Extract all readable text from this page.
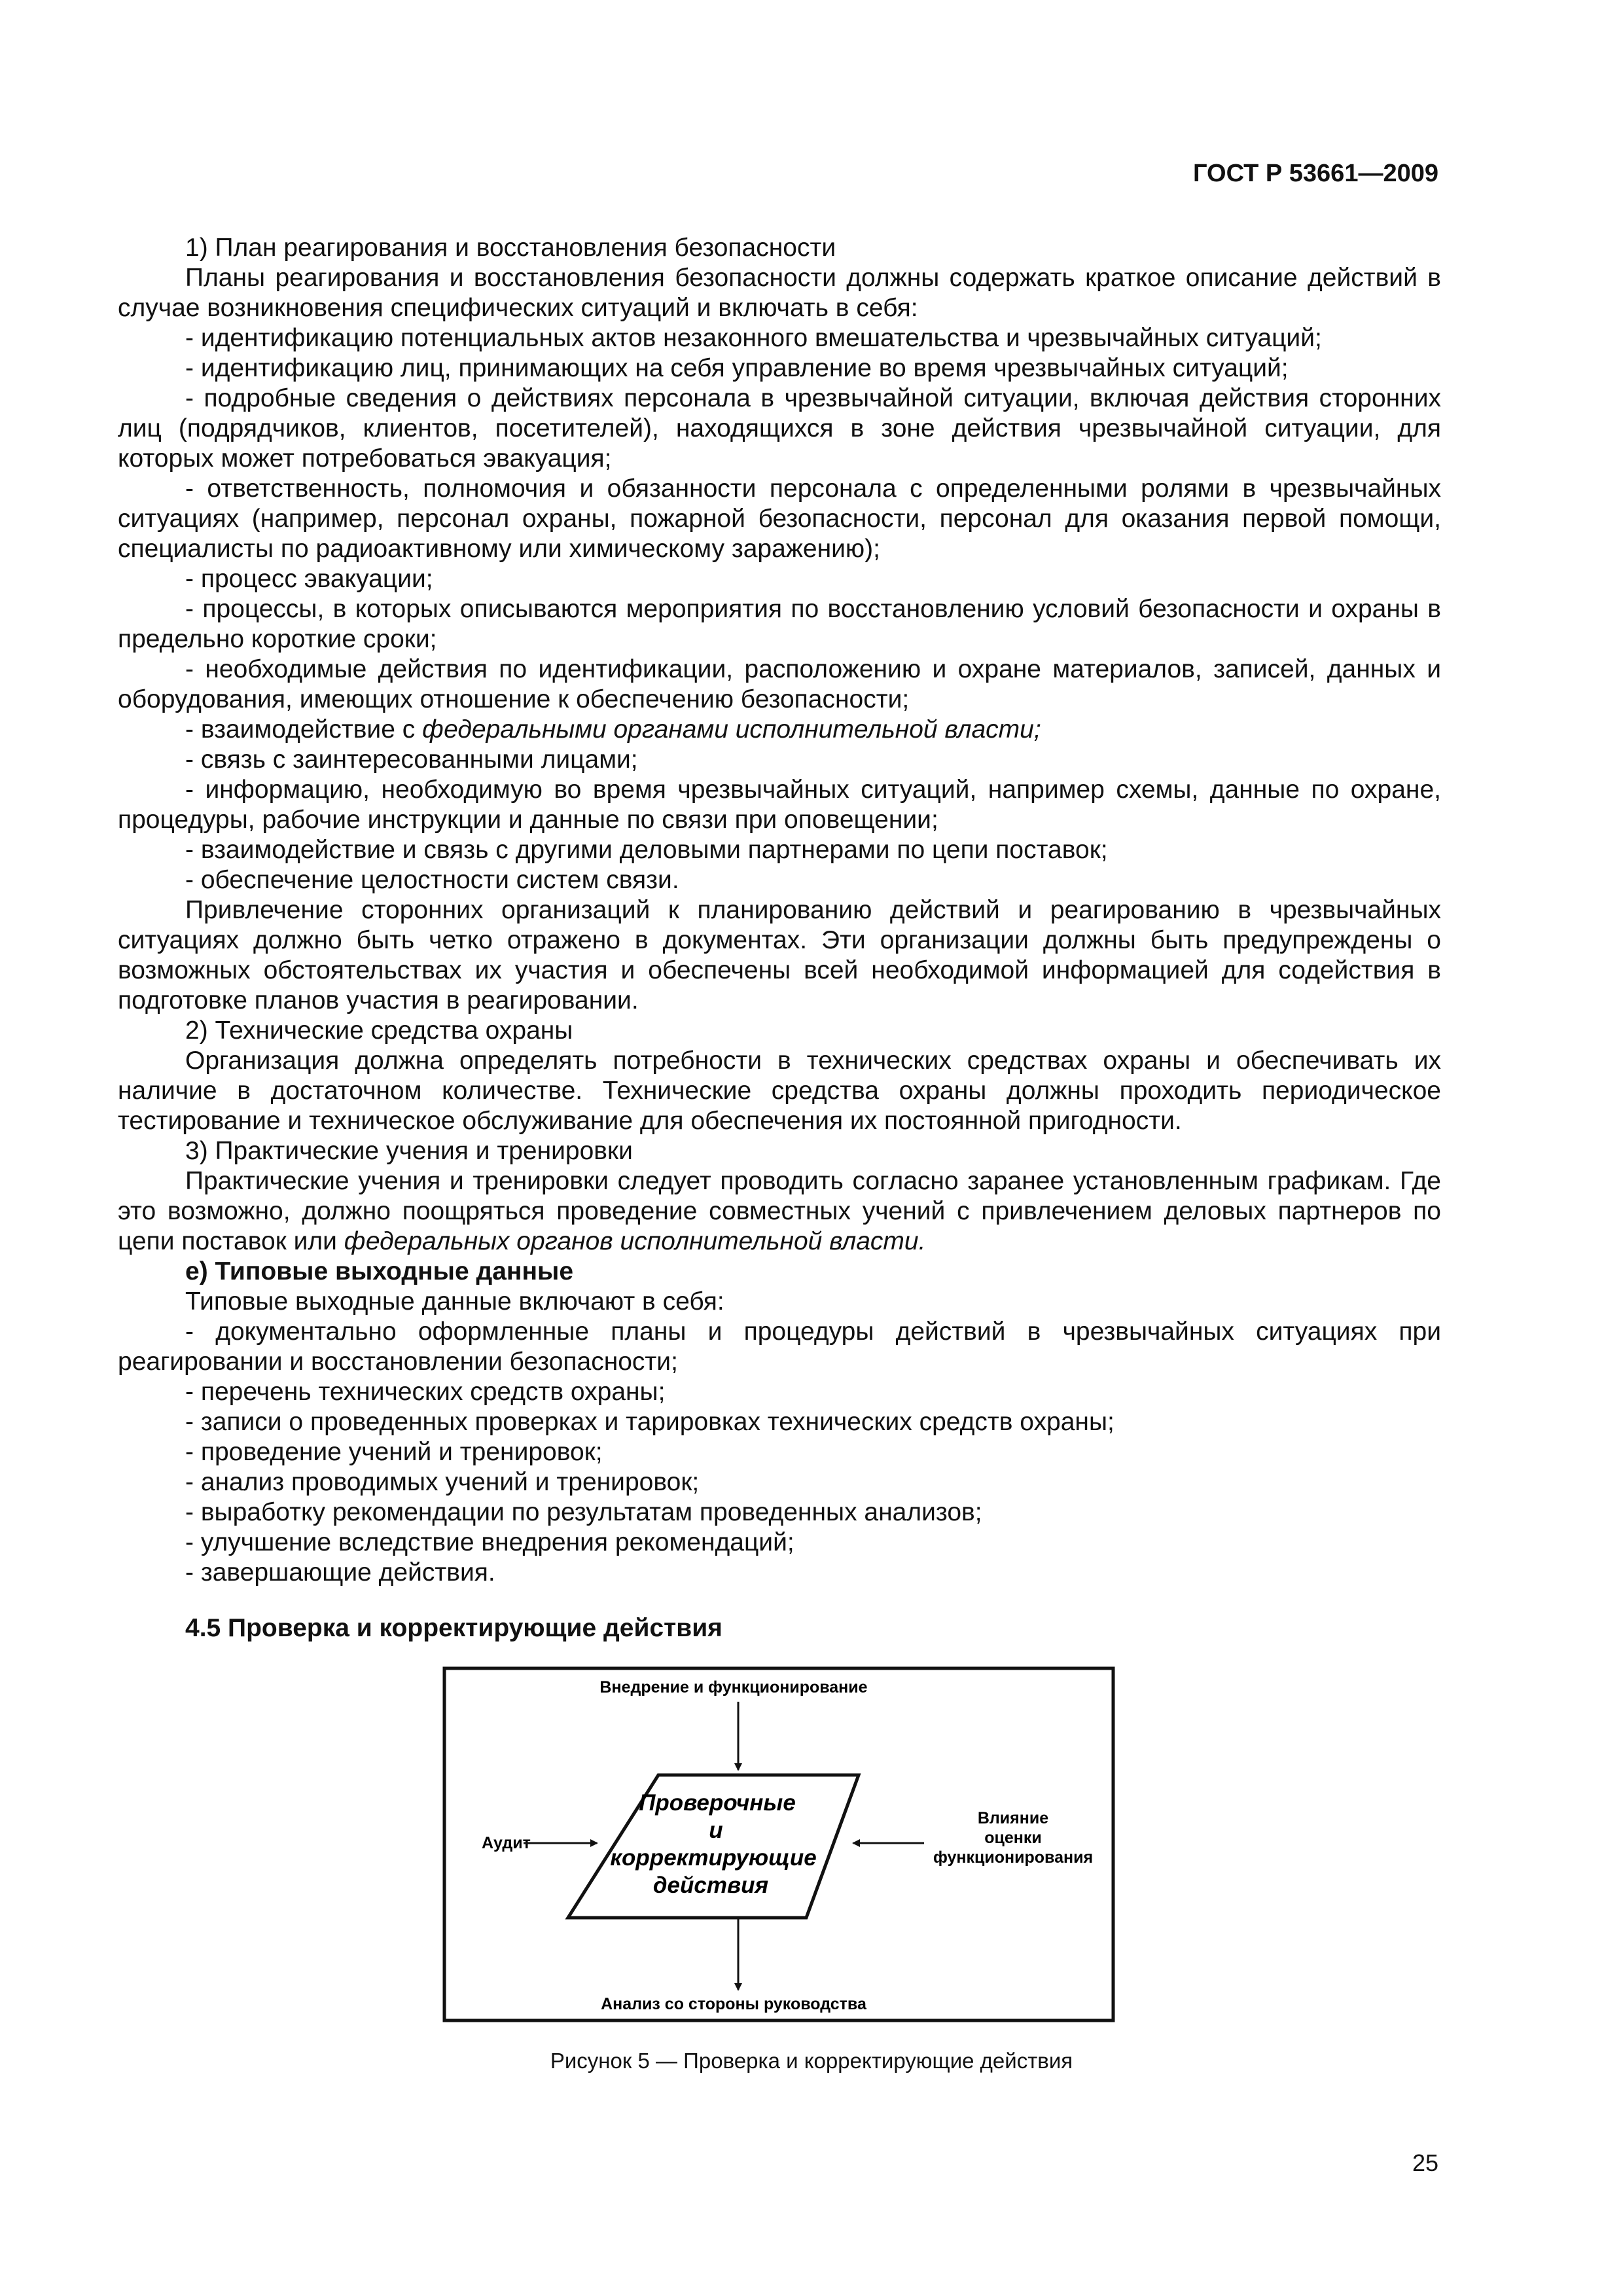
ГОСТ Р 53661—2009

1) План реагирования и восстановления безопасности

Планы реагирования и восстановления безопасности должны содержать краткое описание действий в случае возникновения специфических ситуаций и включать в себя:

- идентификацию потенциальных актов незаконного вмешательства и чрезвычайных ситуаций;

- идентификацию лиц, принимающих на себя управление во время чрезвычайных ситуаций;

- подробные сведения о действиях персонала в чрезвычайной ситуации, включая действия сторонних лиц (подрядчиков, клиентов, посетителей), находящихся в зоне действия чрезвычайной ситуации, для которых может потребоваться эвакуация;

- ответственность, полномочия и обязанности персонала с определенными ролями в чрезвычайных ситуациях (например, персонал охраны, пожарной безопасности, персонал для оказания первой помощи, специалисты по радиоактивному или химическому заражению);

- процесс эвакуации;

- процессы, в которых описываются мероприятия по восстановлению условий безопасности и охраны в предельно короткие сроки;

- необходимые действия по идентификации, расположению и охране материалов, записей, данных и оборудования, имеющих отношение к обеспечению безопасности;

- взаимодействие с федеральными органами исполнительной власти;

- связь с заинтересованными лицами;

- информацию, необходимую во время чрезвычайных ситуаций, например схемы, данные по охране, процедуры, рабочие инструкции и данные по связи при оповещении;

- взаимодействие и связь с другими деловыми партнерами по цепи поставок;

- обеспечение целостности систем связи.

Привлечение сторонних организаций к планированию действий и реагированию в чрезвычайных ситуациях должно быть четко отражено в документах. Эти организации должны быть предупреждены о возможных обстоятельствах их участия и обеспечены всей необходимой информацией для содействия в подготовке планов участия в реагировании.

2) Технические средства охраны

Организация должна определять потребности в технических средствах охраны и обеспечивать их наличие в достаточном количестве. Технические средства охраны должны проходить периодическое тестирование и техническое обслуживание для обеспечения их постоянной пригодности.

3) Практические учения и тренировки

Практические учения и тренировки следует проводить согласно заранее установленным графикам. Где это возможно, должно поощряться проведение совместных учений с привлечением деловых партнеров по цепи поставок или федеральных органов исполнительной власти.

е) Типовые выходные данные

Типовые выходные данные включают в себя:

- документально оформленные планы и процедуры действий в чрезвычайных ситуациях при реагировании и восстановлении безопасности;

- перечень технических средств охраны;

- записи о проведенных проверках и тарировках технических средств охраны;

- проведение учений и тренировок;

- анализ проводимых учений и тренировок;

- выработку рекомендации по результатам проведенных анализов;

- улучшение вследствие внедрения рекомендаций;

- завершающие действия.

4.5 Проверка и корректирующие действия
Внедрение и функционирование
Проверочные
и
корректирующие
действия
Аудит
Влияние
оценки
функционирования
Анализ со стороны руководства
Рисунок 5 — Проверка и корректирующие действия
25
